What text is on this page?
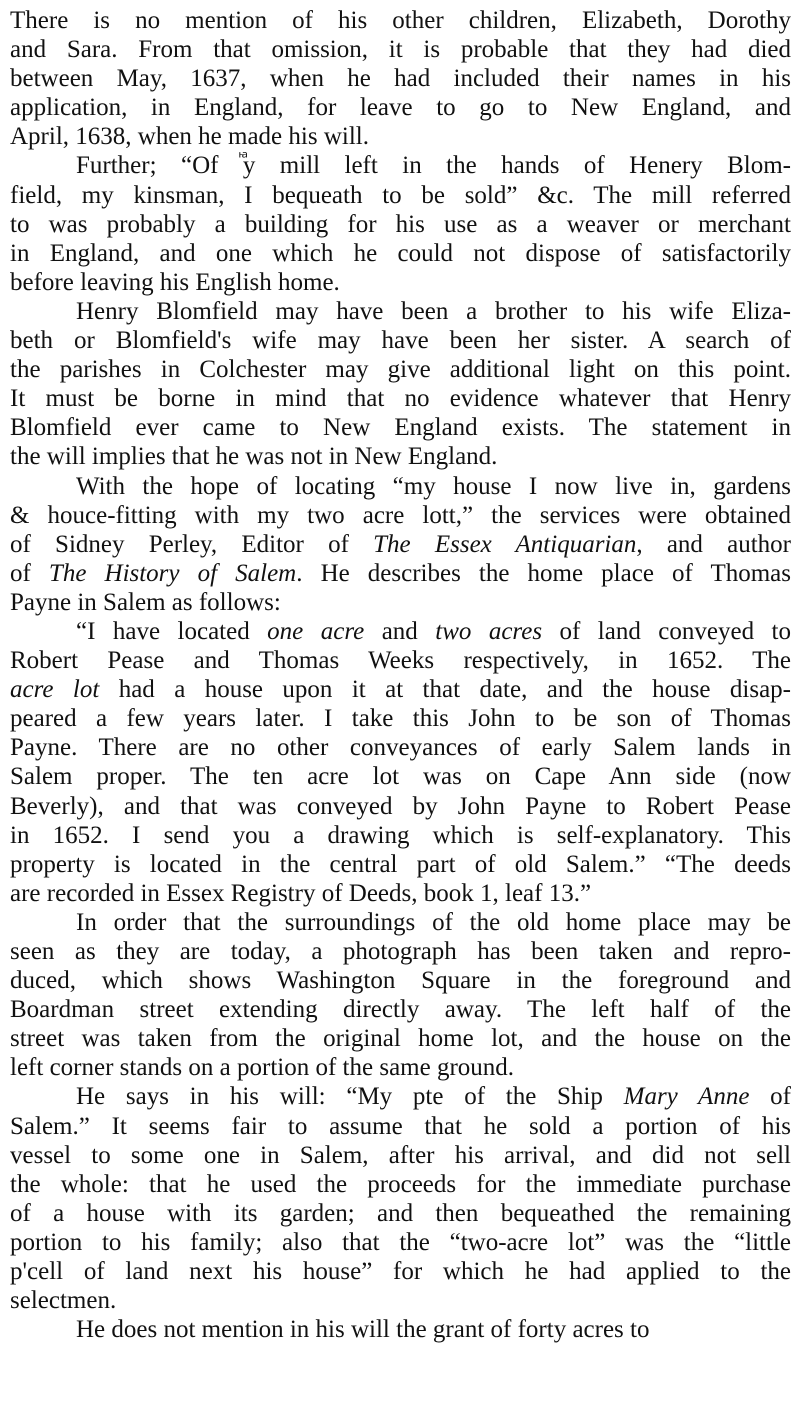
There is no mention of his other children, Elizabeth, Dorothy
and Sara. From that omission, it is probable that they had died
between May, 1637, when he had included their names in his
application, in England, for leave to go to New England, and
April, 1638, when he made his will.
Further; “Of ⷼy mill left in the hands of Henery Blom-
field, my kinsman, I bequeath to be sold” &c. The mill referred
to was probably a building for his use as a weaver or merchant
in England, and one which he could not dispose of satisfactorily
before leaving his English home.
Henry Blomfield may have been a brother to his wife Eliza-
beth or Blomfield's wife may have been her sister. A search of
the parishes in Colchester may give additional light on this point.
It must be borne in mind that no evidence whatever that Henry
Blomfield ever came to New England exists. The statement in
the will implies that he was not in New England.
With the hope of locating “my house I now live in, gardens
& houce-fitting with my two acre lott,” the services were obtained
of Sidney Perley, Editor of The Essex Antiquarian, and author
of The History of Salem. He describes the home place of Thomas
Payne in Salem as follows:
“I have located one acre and two acres of land conveyed to
Robert Pease and Thomas Weeks respectively, in 1652. The
acre lot had a house upon it at that date, and the house disap-
peared a few years later. I take this John to be son of Thomas
Payne. There are no other conveyances of early Salem lands in
Salem proper. The ten acre lot was on Cape Ann side (now
Beverly), and that was conveyed by John Payne to Robert Pease
in 1652. I send you a drawing which is self-explanatory. This
property is located in the central part of old Salem.” “The deeds
are recorded in Essex Registry of Deeds, book 1, leaf 13.”
In order that the surroundings of the old home place may be
seen as they are today, a photograph has been taken and repro-
duced, which shows Washington Square in the foreground and
Boardman street extending directly away. The left half of the
street was taken from the original home lot, and the house on the
left corner stands on a portion of the same ground.
He says in his will: “My pte of the Ship Mary Anne of
Salem.” It seems fair to assume that he sold a portion of his
vessel to some one in Salem, after his arrival, and did not sell
the whole: that he used the proceeds for the immediate purchase
of a house with its garden; and then bequeathed the remaining
portion to his family; also that the “two-acre lot” was the “little
p'cell of land next his house” for which he had applied to the
selectmen.
He does not mention in his will the grant of forty acres to
